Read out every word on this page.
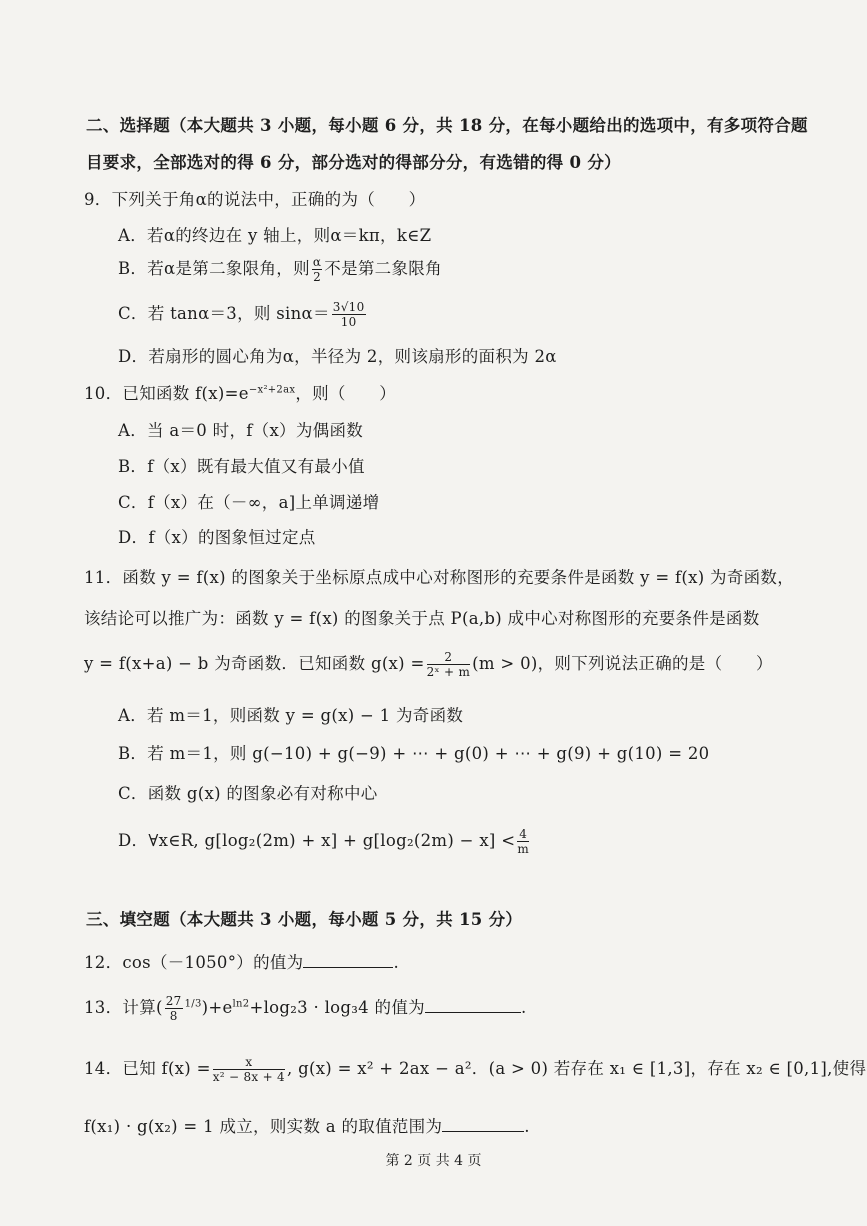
二、选择题（本大题共 3 小题，每小题 6 分，共 18 分，在每小题给出的选项中，有多项符合题
目要求，全部选对的得 6 分，部分选对的得部分分，有选错的得 0 分）
9．下列关于角α的说法中，正确的为（　　）
A．若α的终边在 y 轴上，则α＝kπ，k∈Z
B．若α是第二象限角，则 $\frac{\alpha}{2}$ 不是第二象限角
C．若 tanα＝3，则 $\sin\alpha= \frac{3√10}{10}$
D．若扇形的圆心角为α，半径为 2，则该扇形的面积为 2α
10．已知函数 $f(x)=e^{-x^2+2ax}$，则（　　）
A．当 a＝0 时，f（x）为偶函数
B．f（x）既有最大值又有最小值
C．f（x）在（－∞，a]上单调递增
D．f（x）的图象恒过定点
11．函数 y = f(x) 的图象关于坐标原点成中心对称图形的充要条件是函数 y = f(x) 为奇函数，
该结论可以推广为：函数 y = f(x) 的图象关于点 P(a,b) 成中心对称图形的充要条件是函数
y = f(x+a) − b 为奇函数．已知函数 $g(x) = \frac{2}{\text{2ˣ + m}} (m > 0)$，则下列说法正确的是（　　）
A．若 m＝1，则函数 y = g(x) − 1 为奇函数
B．若 m＝1，则 g(−10) + g(−9) + ⋯ + g(0) + ⋯ + g(9) + g(10) = 20
C．函数 g(x) 的图象必有对称中心
D．∀x∈R, $g[\log_2(2m) + x] + g[\log_2(2m) - x] < \frac{4}{m}$
三、填空题（本大题共 3 小题，每小题 5 分，共 15 分）
12．cos（－1050°）的值为	.
13．计算( $\frac{27}{8} ^{1/3})+e^{ln2}+\log_23 \cdot \log_34$ 的值为	.
14．已知 $f(x) = \frac{x}{\text{x² − 8x + 4}}$ , g(x) = x² + 2ax − a²．(a > 0) 若存在 x₁ ∈ [1,3]，存在 x₂ ∈ [0,1],使得
f(x₁) · g(x₂) = 1 成立，则实数 a 的取值范围为	.
第 2 页 共 4 页
